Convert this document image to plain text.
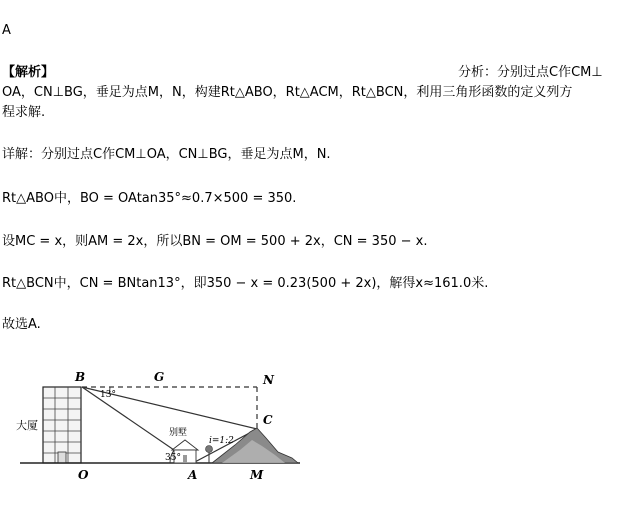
A
【解析】	分析：分别过点C作CM⊥
OA，CN⊥BG，垂足为点M，N，构建Rt△ABO，Rt△ACM，Rt△BCN，利用三角形函数的定义列方
程求解.
详解：分别过点C作CM⊥OA，CN⊥BG，垂足为点M，N.
Rt△ABO中，BO = OAtan35°≈0.7×500 = 350.
设MC = x，则AM = 2x，所以BN = OM = 500 + 2x，CN = 350 − x.
Rt△BCN中，CN = BNtan13°，即350 − x = 0.23(500 + 2x)，解得x≈161.0米.
故选A.
B	G	N
C
O	A	M
大厦
别墅
i=1:2
13°
35°
